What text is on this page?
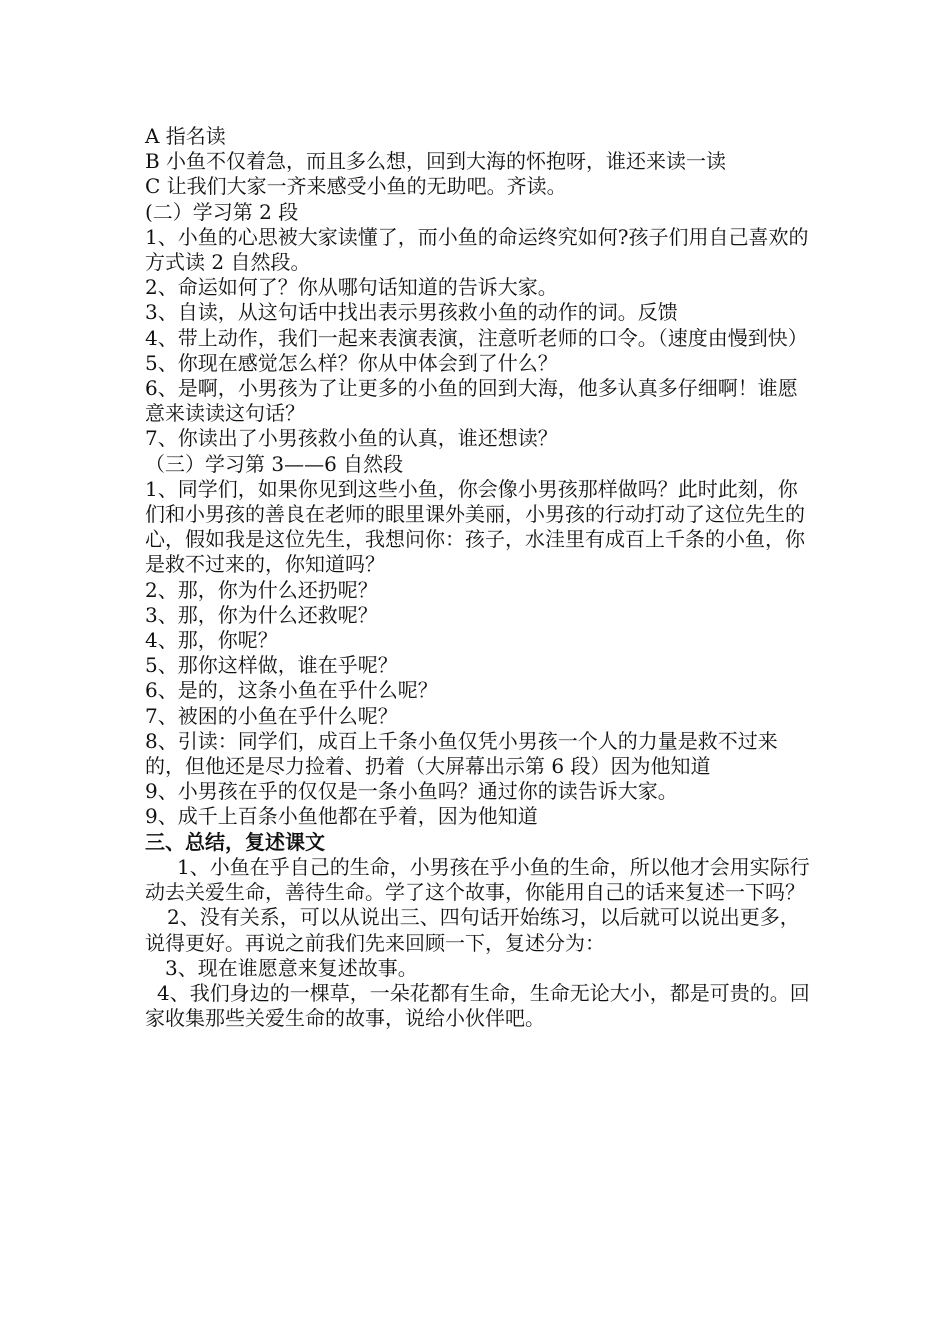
A 指名读

B 小鱼不仅着急，而且多么想，回到大海的怀抱呀，谁还来读一读

C 让我们大家一齐来感受小鱼的无助吧。齐读。

(二）学习第 2 段

1、小鱼的心思被大家读懂了，而小鱼的命运终究如何?孩子们用自己喜欢的方式读 2 自然段。

2、命运如何了？你从哪句话知道的告诉大家。

3、自读，从这句话中找出表示男孩救小鱼的动作的词。反馈

4、带上动作，我们一起来表演表演，注意听老师的口令。（速度由慢到快）

5、你现在感觉怎么样？你从中体会到了什么？

6、是啊，小男孩为了让更多的小鱼的回到大海，他多认真多仔细啊！谁愿意来读读这句话？

7、你读出了小男孩救小鱼的认真，谁还想读？

（三）学习第 3——6 自然段

1、同学们，如果你见到这些小鱼，你会像小男孩那样做吗？此时此刻，你们和小男孩的善良在老师的眼里课外美丽，小男孩的行动打动了这位先生的心，假如我是这位先生，我想问你：孩子，水洼里有成百上千条的小鱼，你是救不过来的，你知道吗？

2、那，你为什么还扔呢？

3、那，你为什么还救呢？

4、那，你呢？

5、那你这样做，谁在乎呢？

6、是的，这条小鱼在乎什么呢？

7、被困的小鱼在乎什么呢？

8、引读：同学们，成百上千条小鱼仅凭小男孩一个人的力量是救不过来的，但他还是尽力捡着、扔着（大屏幕出示第 6 段）因为他知道

9、小男孩在乎的仅仅是一条小鱼吗？通过你的读告诉大家。

9、成千上百条小鱼他都在乎着，因为他知道

三、总结，复述课文

1、小鱼在乎自己的生命，小男孩在乎小鱼的生命，所以他才会用实际行动去关爱生命，善待生命。学了这个故事，你能用自己的话来复述一下吗？

2、没有关系，可以从说出三、四句话开始练习，以后就可以说出更多，说得更好。再说之前我们先来回顾一下，复述分为：

3、现在谁愿意来复述故事。

4、我们身边的一棵草，一朵花都有生命，生命无论大小，都是可贵的。回家收集那些关爱生命的故事，说给小伙伴吧。
